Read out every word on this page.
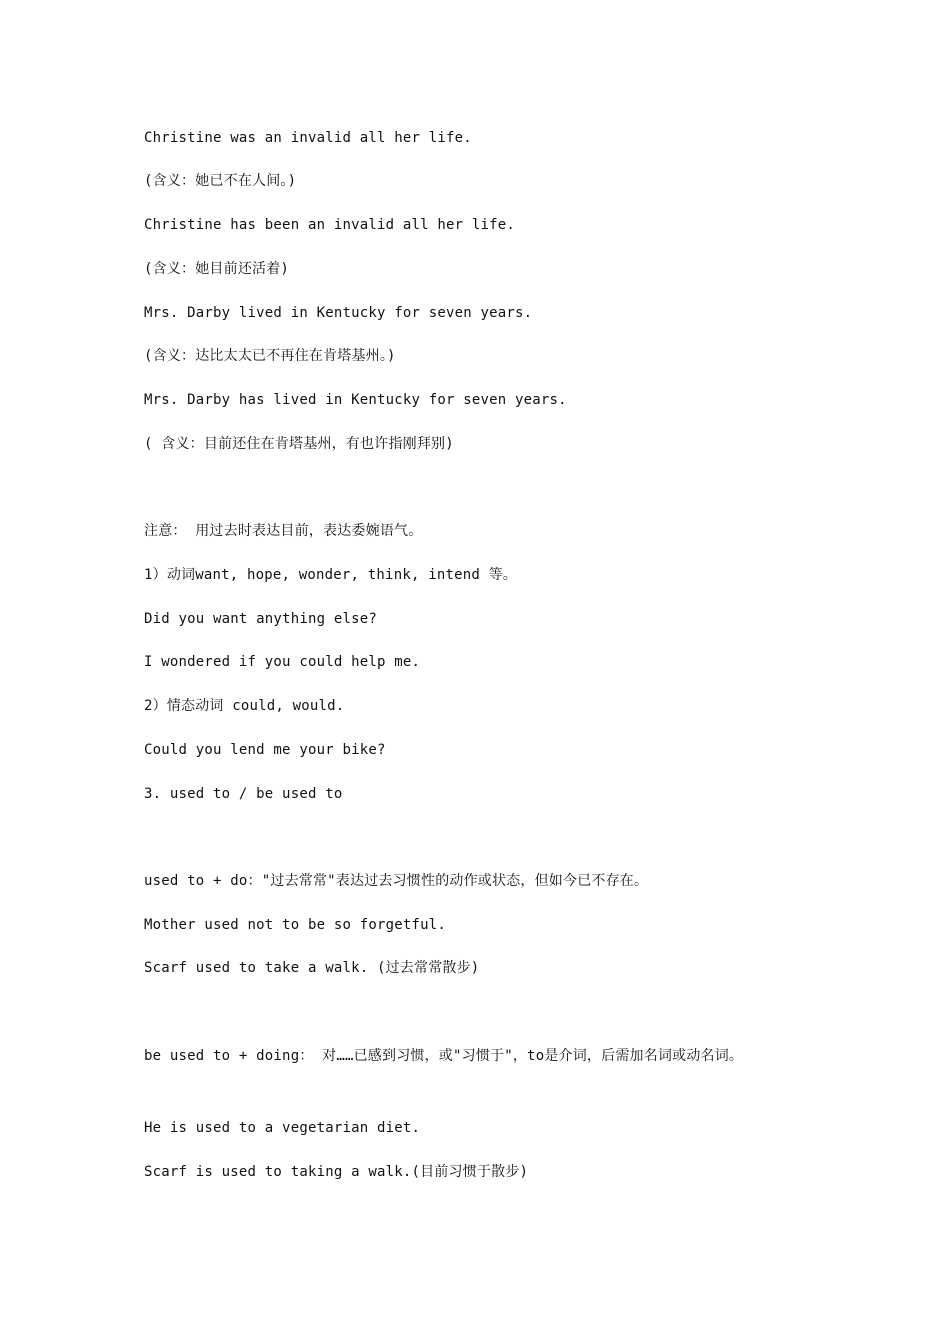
Christine was an invalid all her life.
(含义：她已不在人间。)
Christine has been an invalid all her life.
(含义：她目前还活着)
Mrs. Darby lived in Kentucky for seven years.
(含义：达比太太已不再住在肯塔基州。)
Mrs. Darby has lived in Kentucky for seven years.
( 含义：目前还住在肯塔基州，有也许指刚拜别)
注意： 用过去时表达目前，表达委婉语气。
1）动词want, hope, wonder, think, intend 等。
Did you want anything else?
I wondered if you could help me.
2）情态动词 could, would.
Could you lend me your bike?
3. used to / be used to
used to + do："过去常常"表达过去习惯性的动作或状态，但如今已不存在。
Mother used not to be so forgetful.
Scarf used to take a walk. (过去常常散步)
be used to + doing： 对……已感到习惯，或"习惯于"，to是介词，后需加名词或动名词。
He is used to a vegetarian diet.
Scarf is used to taking a walk.(目前习惯于散步)
